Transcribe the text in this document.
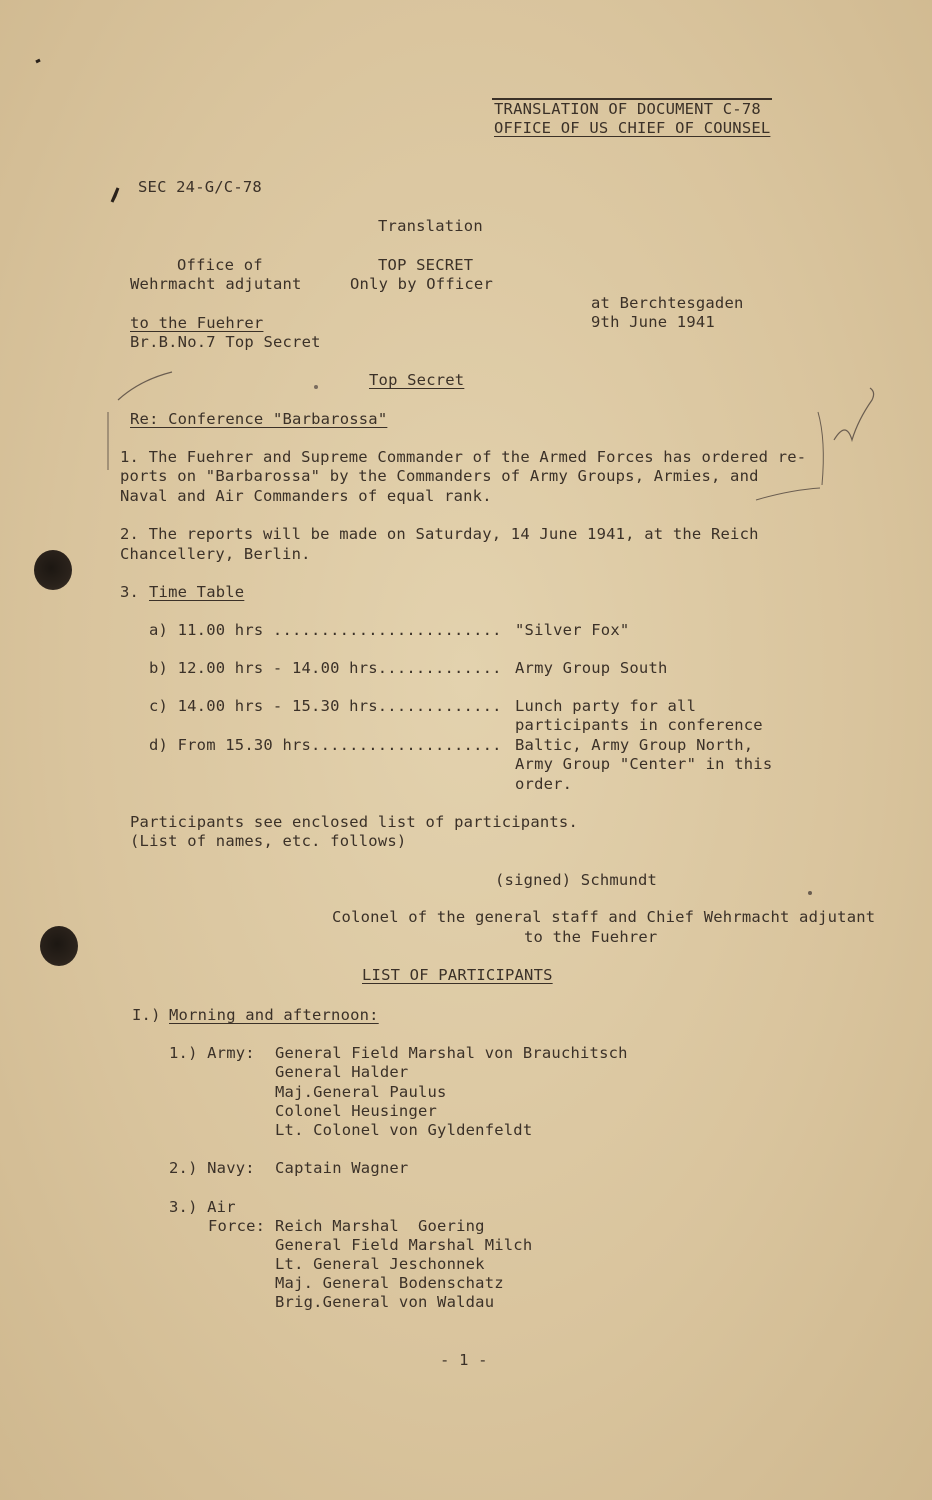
TRANSLATION OF DOCUMENT C-78
OFFICE OF US CHIEF OF COUNSEL
SEC 24-G/C-78
Translation
Office of
Wehrmacht adjutant
to the Fuehrer
Br.B.No.7 Top Secret
TOP SECRET
Only by Officer
at Berchtesgaden
9th June 1941
Top Secret
Re: Conference "Barbarossa"
1. The Fuehrer and Supreme Commander of the Armed Forces has ordered re-
ports on "Barbarossa" by the Commanders of Army Groups, Armies, and
Naval and Air Commanders of equal rank.
2. The reports will be made on Saturday, 14 June 1941, at the Reich
Chancellery, Berlin.
3. Time Table
a) 11.00 hrs ........................ "Silver Fox"
b) 12.00 hrs - 14.00 hrs............. Army Group South
c) 14.00 hrs - 15.30 hrs............. Lunch party for all
participants in conference
d) From 15.30 hrs.................... Baltic, Army Group North,
Army Group "Center" in this
order.
Participants see enclosed list of participants.
(List of names, etc. follows)
(signed) Schmundt
Colonel of the general staff and Chief Wehrmacht adjutant
to the Fuehrer
LIST OF PARTICIPANTS
I.) Morning and afternoon:
1.) Army: General Field Marshal von Brauchitsch
General Halder
Maj.General Paulus
Colonel Heusinger
Lt. Colonel von Gyldenfeldt
2.) Navy: Captain Wagner
3.) Air
Force: Reich Marshal  Goering
General Field Marshal Milch
Lt. General Jeschonnek
Maj. General Bodenschatz
Brig.General von Waldau
- 1 -
